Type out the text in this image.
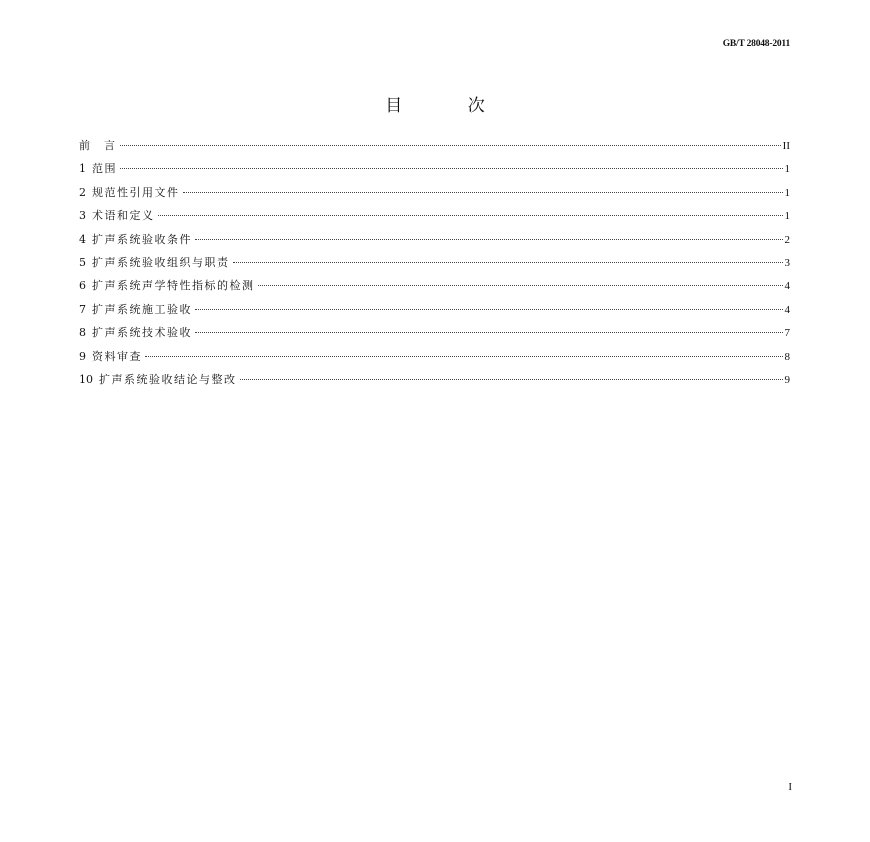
GB/T 28048-2011
目 次
前　言	II
1 范围	1
2 规范性引用文件	1
3 术语和定义	1
4 扩声系统验收条件	2
5 扩声系统验收组织与职责	3
6 扩声系统声学特性指标的检测	4
7 扩声系统施工验收	4
8 扩声系统技术验收	7
9 资料审查	8
10 扩声系统验收结论与整改	9
I
